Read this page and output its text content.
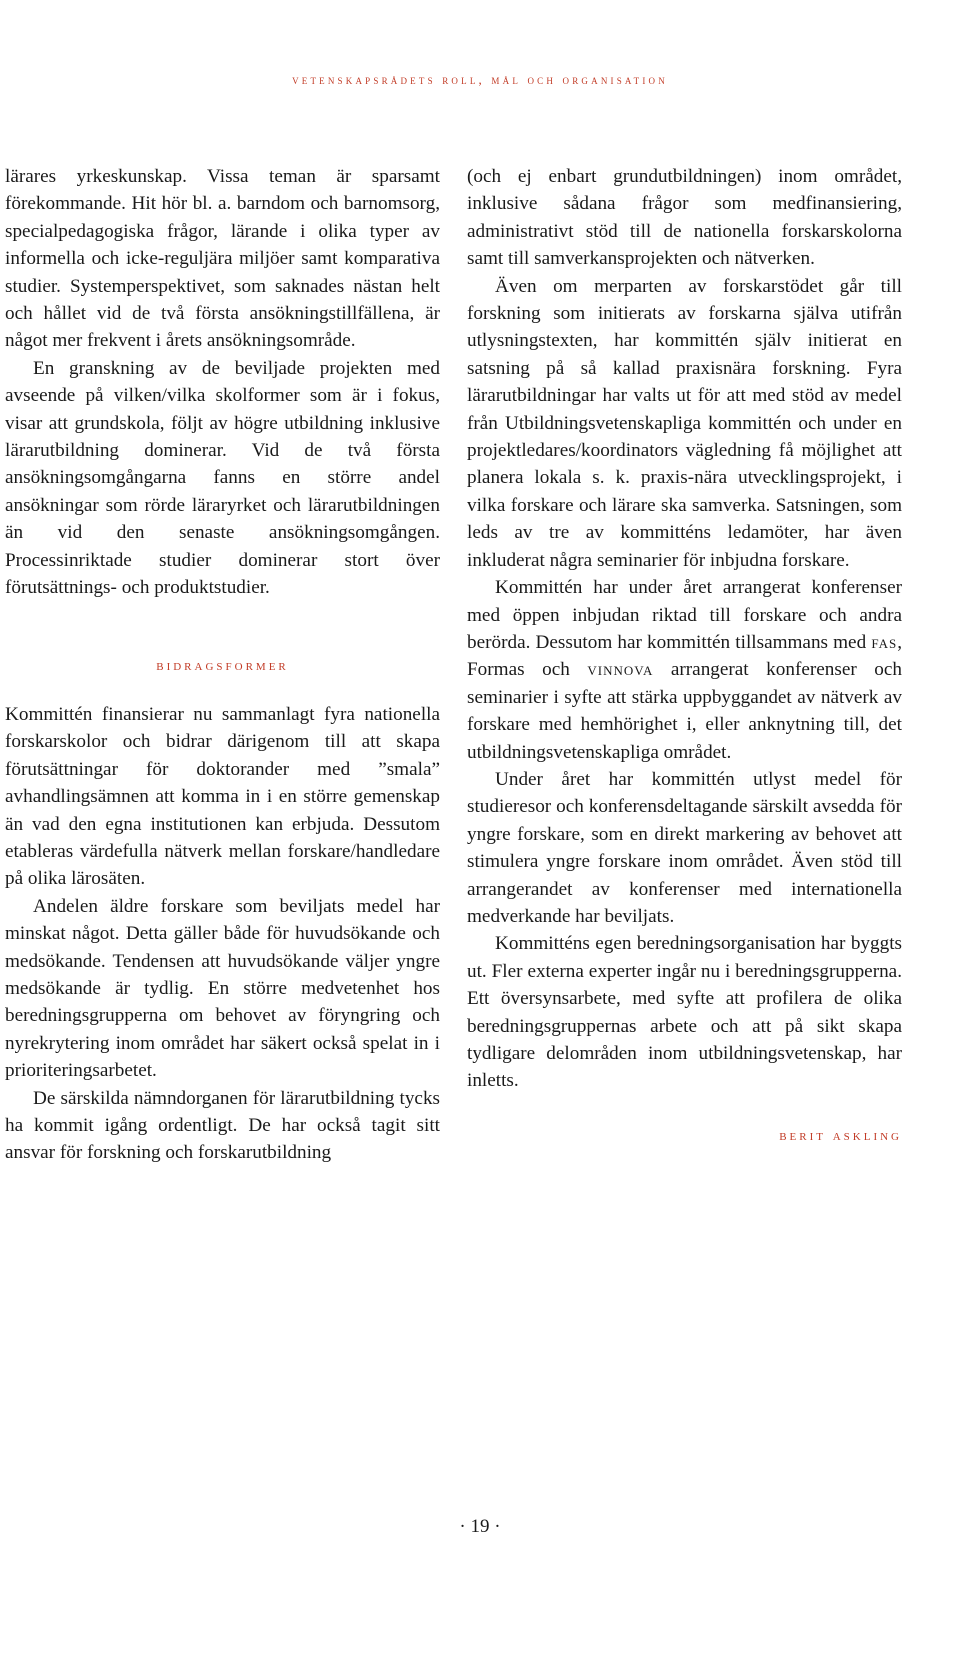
vetenskapsrådets roll, mål och organisation

lärares yrkeskunskap. Vissa teman är sparsamt förekommande. Hit hör bl. a. barndom och barnomsorg, specialpedagogiska frågor, lärande i olika typer av informella och icke-reguljära miljöer samt komparativa studier. Systemperspektivet, som saknades nästan helt och hållet vid de två första ansökningstillfällena, är något mer frekvent i årets ansökningsområde.

En granskning av de beviljade projekten med avseende på vilken/vilka skolformer som är i fokus, visar att grundskola, följt av högre utbildning inklusive lärarutbildning dominerar. Vid de två första ansökningsomgångarna fanns en större andel ansökningar som rörde läraryrket och lärarutbildningen än vid den senaste ansökningsomgången. Processinriktade studier dominerar stort över förutsättnings- och produktstudier.

bidragsformer

Kommittén finansierar nu sammanlagt fyra nationella forskarskolor och bidrar därigenom till att skapa förutsättningar för doktorander med ”smala” avhandlingsämnen att komma in i en större gemenskap än vad den egna institutionen kan erbjuda. Dessutom etableras värdefulla nätverk mellan forskare/handledare på olika lärosäten.

Andelen äldre forskare som beviljats medel har minskat något. Detta gäller både för huvudsökande och medsökande. Tendensen att huvudsökande väljer yngre medsökande är tydlig. En större medvetenhet hos beredningsgrupperna om behovet av föryngring och nyrekrytering inom området har säkert också spelat in i prioriteringsarbetet.

De särskilda nämndorganen för lärarutbildning tycks ha kommit igång ordentligt. De har också tagit sitt ansvar för forskning och forskarutbildning

(och ej enbart grundutbildningen) inom området, inklusive sådana frågor som medfinansiering, administrativt stöd till de nationella forskarskolorna samt till samverkansprojekten och nätverken.

Även om merparten av forskarstödet går till forskning som initierats av forskarna själva utifrån utlysningstexten, har kommittén själv initierat en satsning på så kallad praxisnära forskning. Fyra lärarutbildningar har valts ut för att med stöd av medel från Utbildningsvetenskapliga kommittén och under en projektledares/koordinators vägledning få möjlighet att planera lokala s. k. praxis-nära utvecklingsprojekt, i vilka forskare och lärare ska samverka. Satsningen, som leds av tre av kommitténs ledamöter, har även inkluderat några seminarier för inbjudna forskare.

Kommittén har under året arrangerat konferenser med öppen inbjudan riktad till forskare och andra berörda. Dessutom har kommittén tillsammans med fas, Formas och vinnova arrangerat konferenser och seminarier i syfte att stärka uppbyggandet av nätverk av forskare med hemhörighet i, eller anknytning till, det utbildningsvetenskapliga området.

Under året har kommittén utlyst medel för studieresor och konferensdeltagande särskilt avsedda för yngre forskare, som en direkt markering av behovet att stimulera yngre forskare inom området. Även stöd till arrangerandet av konferenser med internationella medverkande har beviljats.

Kommitténs egen beredningsorganisation har byggts ut. Fler externa experter ingår nu i beredningsgrupperna. Ett översynsarbete, med syfte att profilera de olika beredningsgruppernas arbete och att på sikt skapa tydligare delområden inom utbildningsvetenskap, har inletts.

berit askling
· 19 ·
